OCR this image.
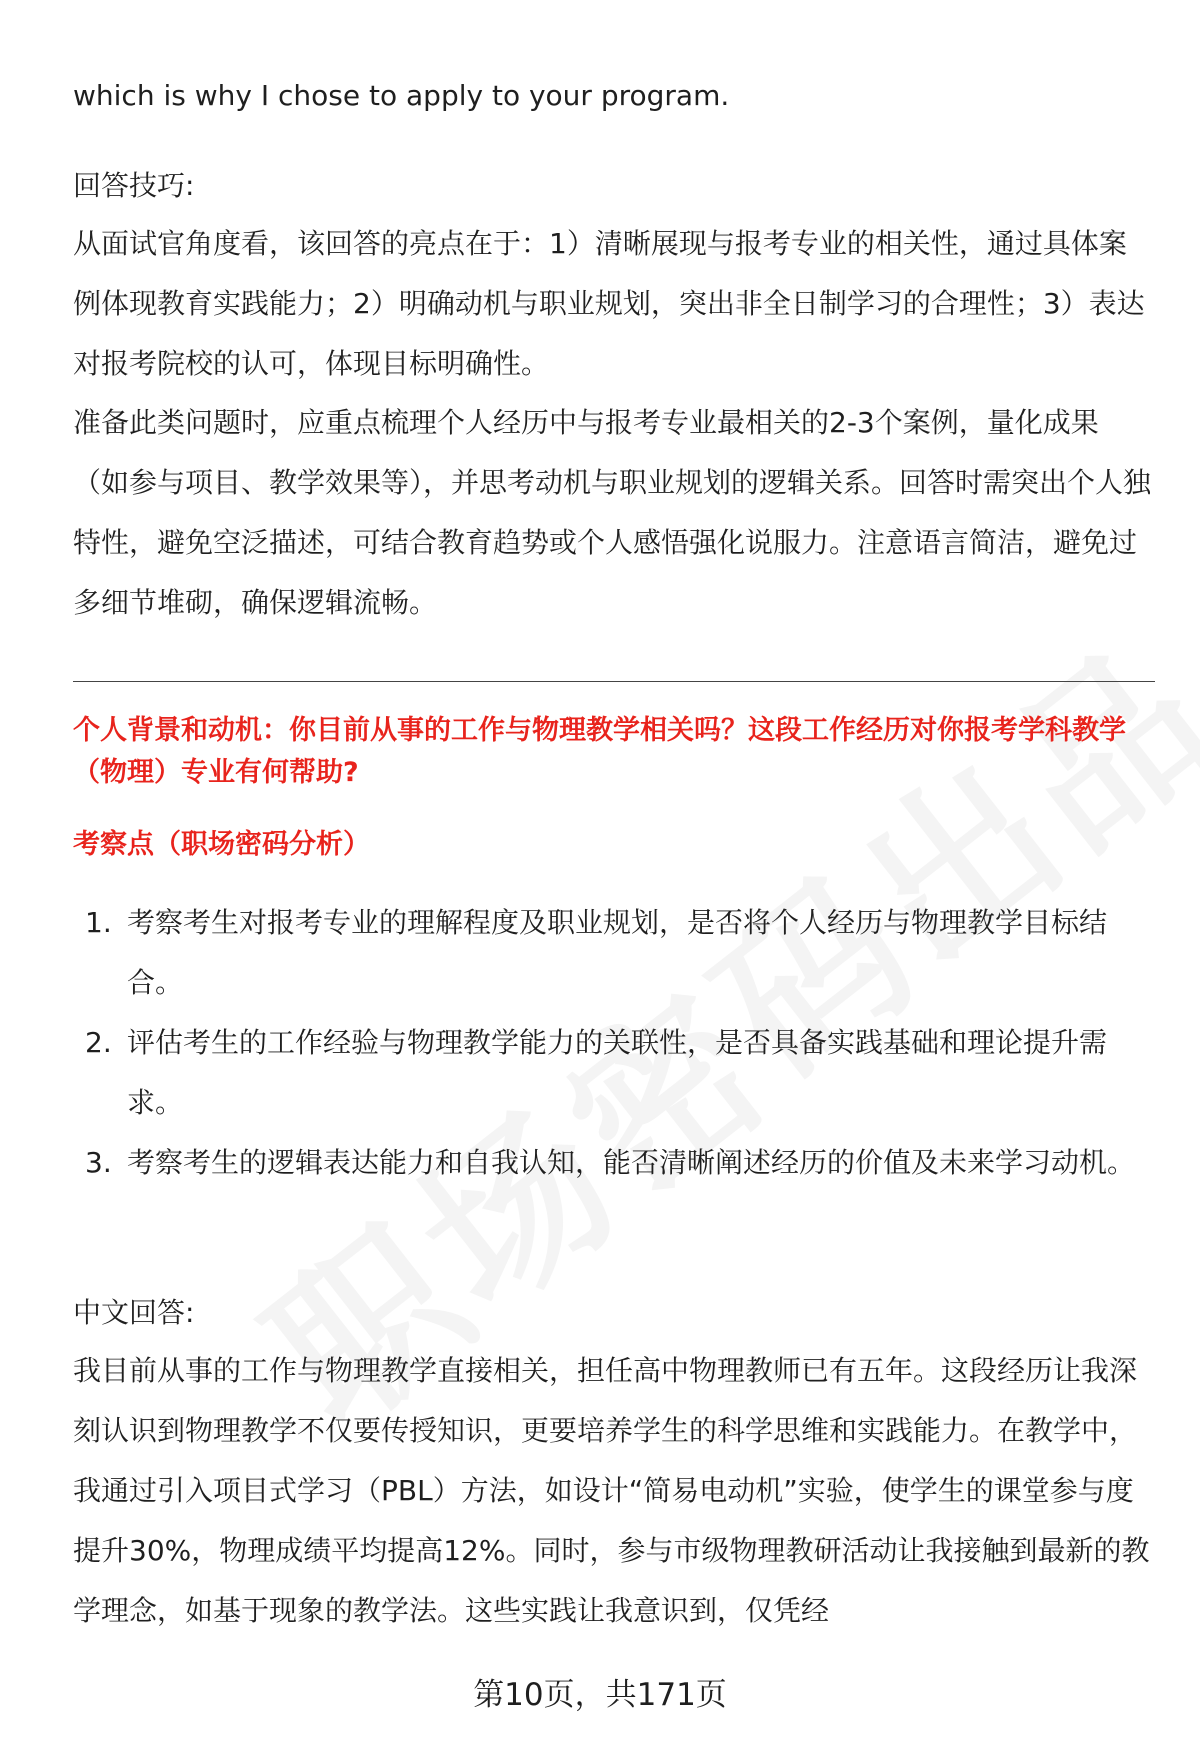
which is why I chose to apply to your program.

回答技巧:

从面试官角度看，该回答的亮点在于：1）清晰展现与报考专业的相关性，通过具体案例体现教育实践能力；2）明确动机与职业规划，突出非全日制学习的合理性；3）表达对报考院校的认可，体现目标明确性。

准备此类问题时，应重点梳理个人经历中与报考专业最相关的2-3个案例，量化成果（如参与项目、教学效果等），并思考动机与职业规划的逻辑关系。回答时需突出个人独特性，避免空泛描述，可结合教育趋势或个人感悟强化说服力。注意语言简洁，避免过多细节堆砌，确保逻辑流畅。

个人背景和动机：你目前从事的工作与物理教学相关吗？这段工作经历对你报考学科教学（物理）专业有何帮助?

考察点（职场密码分析）

1. 考察考生对报考专业的理解程度及职业规划，是否将个人经历与物理教学目标结合。
2. 评估考生的工作经验与物理教学能力的关联性，是否具备实践基础和理论提升需求。
3. 考察考生的逻辑表达能力和自我认知，能否清晰阐述经历的价值及未来学习动机。

中文回答:

我目前从事的工作与物理教学直接相关，担任高中物理教师已有五年。这段经历让我深刻认识到物理教学不仅要传授知识，更要培养学生的科学思维和实践能力。在教学中，我通过引入项目式学习（PBL）方法，如设计“简易电动机”实验，使学生的课堂参与度提升30%，物理成绩平均提高12%。同时，参与市级物理教研活动让我接触到最新的教学理念，如基于现象的教学法。这些实践让我意识到，仅凭经

第10页，共171页
